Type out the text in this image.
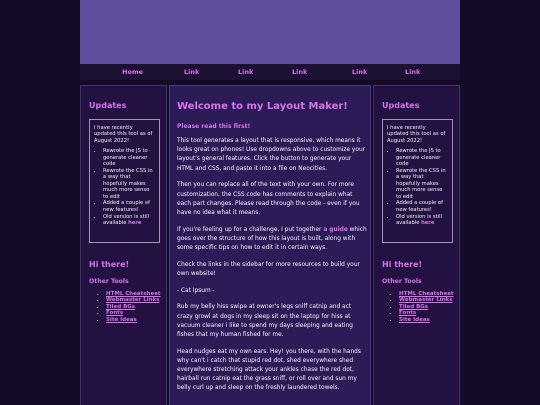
Home	Link	Link	Link	Link	Link
Updates

I have recently updated this tool as of August 2022!

• Rewrote the JS to generate cleaner code
• Rewrote the CSS in a way that hopefully makes much more sense to edit
• Added a couple of new features!
• Old version is still available here
Hi there!
Other Tools
• HTML Cheatsheet
• Webmaster Links
• Tiled BGs
• Fonts
• Site Ideas
Welcome to my Layout Maker!
Please read this first!

This tool generates a layout that is responsive, which means it looks great on phones! Use dropdowns above to customize your layout's general features. Click the button to generate your HTML and CSS, and paste it into a file on Neocities.

Then you can replace all of the text with your own. For more customization, the CSS code has comments to explain what each part changes. Please read through the code - even if you have no idea what it means.

If you're feeling up for a challenge, I put together a guide which goes over the structure of how this layout is built, along with some specific tips on how to edit it in certain ways.

Check the links in the sidebar for more resources to build your own website!

- Cat Ipsum -

Rub my belly hiss swipe at owner's legs sniff catnip and act crazy growl at dogs in my sleep sit on the laptop for hiss at vacuum cleaner i like to spend my days sleeping and eating fishes that my human fished for me.

Head nudges eat my own ears. Hey! you there, with the hands why can't i catch that stupid red dot, shed everywhere shed everywhere stretching attack your ankles chase the red dot, hairball run catnip eat the grass sniff, or roll over and sun my belly curl up and sleep on the freshly laundered towels.

Updates

I have recently updated this tool as of August 2022!

• Rewrote the JS to generate cleaner code
• Rewrote the CSS in a way that hopefully makes much more sense to edit
• Added a couple of new features!
• Old version is still available here
Hi there!
Other Tools
• HTML Cheatsheet
• Webmaster Links
• Tiled BGs
• Fonts
• Site Ideas
